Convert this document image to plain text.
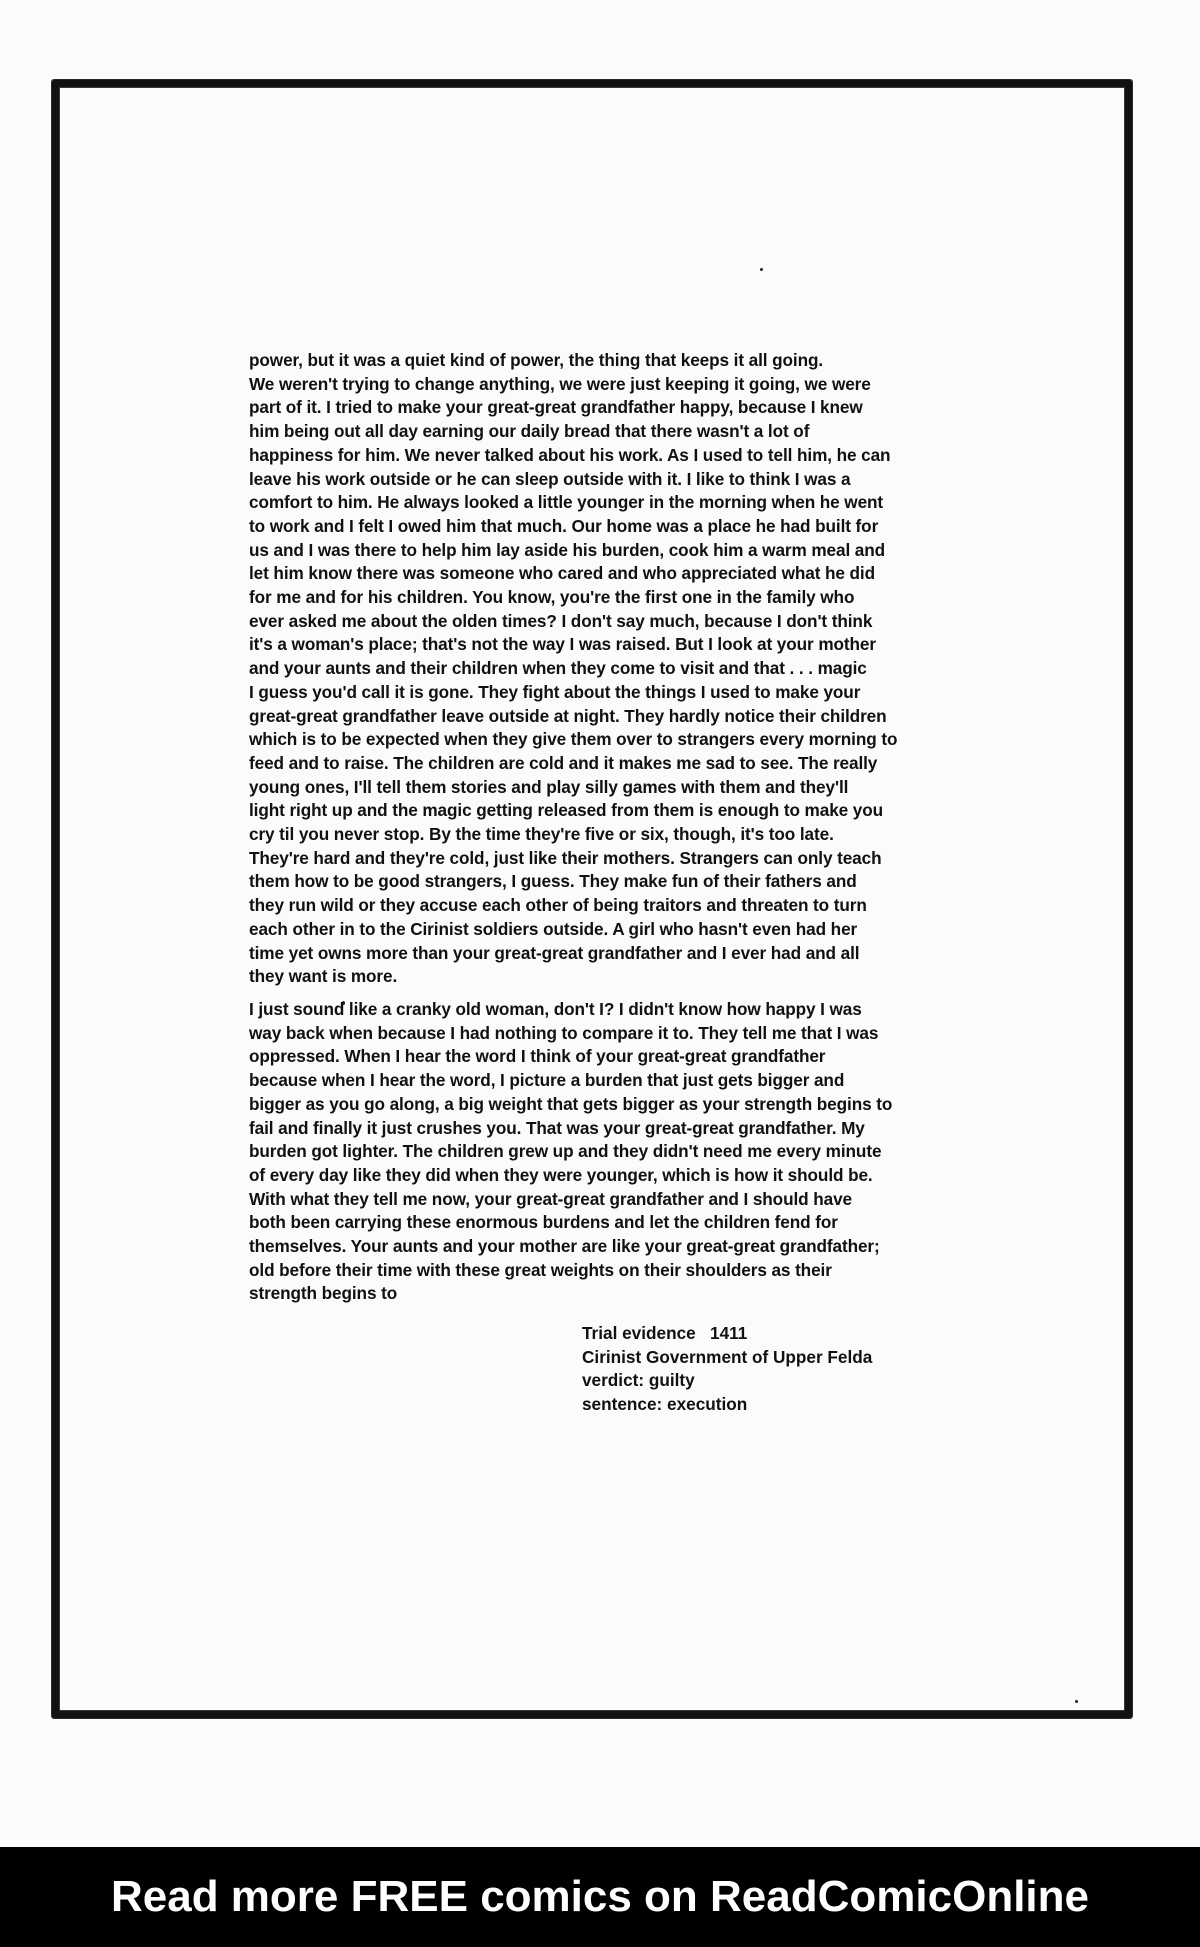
power, but it was a quiet kind of power, the thing that keeps it all going.
We weren't trying to change anything, we were just keeping it going, we were
part of it. I tried to make your great-great grandfather happy, because I knew
him being out all day earning our daily bread that there wasn't a lot of
happiness for him. We never talked about his work. As I used to tell him, he can
leave his work outside or he can sleep outside with it. I like to think I was a
comfort to him. He always looked a little younger in the morning when he went
to work and I felt I owed him that much. Our home was a place he had built for
us and I was there to help him lay aside his burden, cook him a warm meal and
let him know there was someone who cared and who appreciated what he did
for me and for his children. You know, you're the first one in the family who
ever asked me about the olden times? I don't say much, because I don't think
it's a woman's place; that's not the way I was raised. But I look at your mother
and your aunts and their children when they come to visit and that . . . magic
I guess you'd call it is gone. They fight about the things I used to make your
great-great grandfather leave outside at night. They hardly notice their children
which is to be expected when they give them over to strangers every morning to
feed and to raise. The children are cold and it makes me sad to see. The really
young ones, I'll tell them stories and play silly games with them and they'll
light right up and the magic getting released from them is enough to make you
cry til you never stop. By the time they're five or six, though, it's too late.
They're hard and they're cold, just like their mothers. Strangers can only teach
them how to be good strangers, I guess. They make fun of their fathers and
they run wild or they accuse each other of being traitors and threaten to turn
each other in to the Cirinist soldiers outside. A girl who hasn't even had her
time yet owns more than your great-great grandfather and I ever had and all
they want is more.

I just sound like a cranky old woman, don't I? I didn't know how happy I was
way back when because I had nothing to compare it to. They tell me that I was
oppressed. When I hear the word I think of your great-great grandfather
because when I hear the word, I picture a burden that just gets bigger and
bigger as you go along, a big weight that gets bigger as your strength begins to
fail and finally it just crushes you. That was your great-great grandfather. My
burden got lighter. The children grew up and they didn't need me every minute
of every day like they did when they were younger, which is how it should be.
With what they tell me now, your great-great grandfather and I should have
both been carrying these enormous burdens and let the children fend for
themselves. Your aunts and your mother are like your great-great grandfather;
old before their time with these great weights on their shoulders as their
strength begins to

Trial evidence   1411
Cirinist Government of Upper Felda
verdict: guilty
sentence: execution
Read more FREE comics on ReadComicOnline
